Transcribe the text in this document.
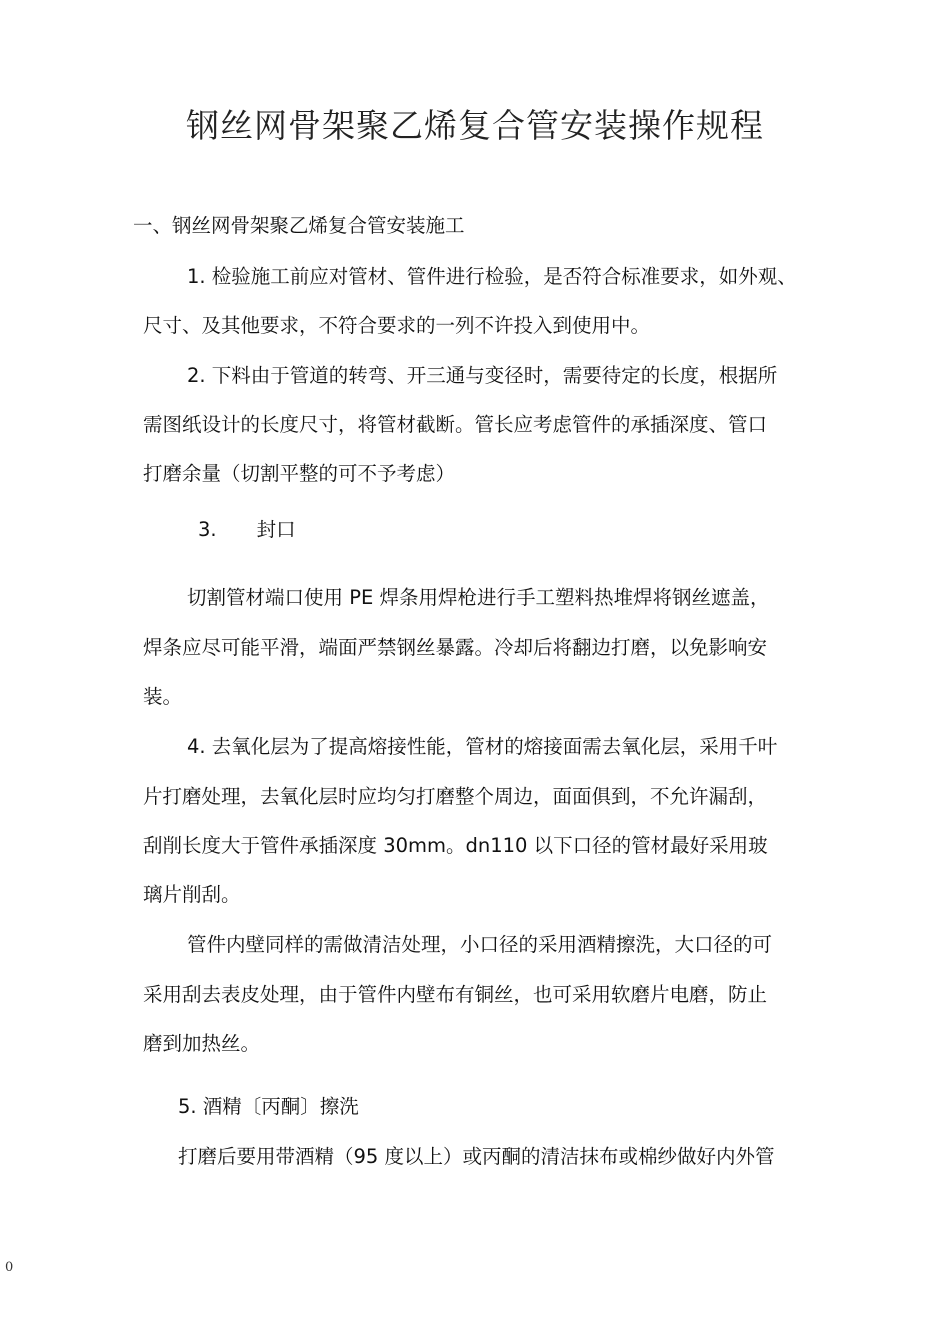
钢丝网骨架聚乙烯复合管安装操作规程
一、钢丝网骨架聚乙烯复合管安装施工
1. 检验施工前应对管材、管件进行检验，是否符合标准要求，如外观、
尺寸、及其他要求，不符合要求的一列不许投入到使用中。
2. 下料由于管道的转弯、开三通与变径时，需要待定的长度，根据所
需图纸设计的长度尺寸，将管材截断。管长应考虑管件的承插深度、管口
打磨余量（切割平整的可不予考虑）
3. 封口
切割管材端口使用 PE 焊条用焊枪进行手工塑料热堆焊将钢丝遮盖，
焊条应尽可能平滑，端面严禁钢丝暴露。冷却后将翻边打磨，以免影响安
装。
4. 去氧化层为了提高熔接性能，管材的熔接面需去氧化层，采用千叶
片打磨处理，去氧化层时应均匀打磨整个周边，面面俱到，不允许漏刮，
刮削长度大于管件承插深度 30mm。dn110 以下口径的管材最好采用玻
璃片削刮。
管件内壁同样的需做清洁处理，小口径的采用酒精擦洗，大口径的可
采用刮去表皮处理，由于管件内壁布有铜丝，也可采用软磨片电磨，防止
磨到加热丝。
5. 酒精〔丙酮〕擦洗
打磨后要用带酒精（95 度以上）或丙酮的清洁抹布或棉纱做好内外管
0
